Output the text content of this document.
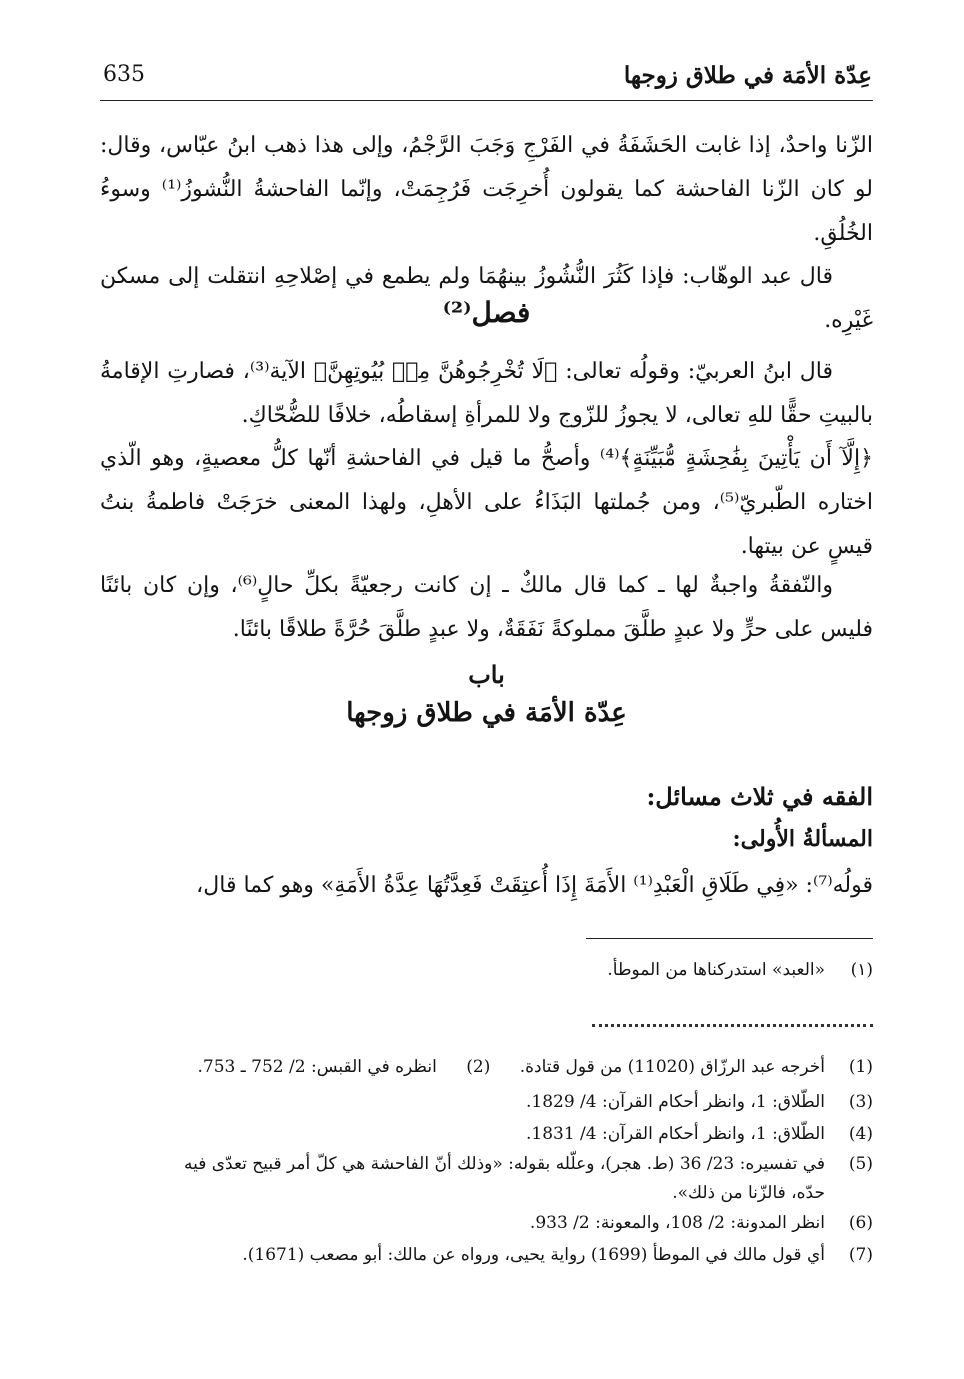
عِدّة الأمَة في طلاق زوجها
635
الزّنا واحدٌ، إذا غابت الحَشَفَةُ في الفَرْجِ وَجَبَ الرَّجْمُ، وإلى هذا ذهب ابنُ عبّاس، وقال: لو كان الزّنا الفاحشة كما يقولون أُخرِجَت فَرُجِمَتْ، وإنّما الفاحشةُ النُّشوزُ⁽¹⁾ وسوءُ الخُلُقِ.
قال عبد الوهّاب: فإذا كَثُرَ النُّشُوزُ بينهُمَا ولم يطمع في إصْلاحِهِ انتقلت إلى مسكن غَيْرِه.
فصل⁽²⁾
قال ابنُ العربيّ: وقولُه تعالى: ﴿لَا تُخْرِجُوهُنَّ مِنۢ بُيُوتِهِنَّ﴾ الآية⁽³⁾، فصارتِ الإقامةُ بالبيتِ حقًّا للهِ تعالى، لا يجوزُ للزّوج ولا للمرأةِ إسقاطُه، خلافًا للضُّحّاكِ.
﴿إِلَّآ أَن يَأْتِينَ بِفَٰحِشَةٍ مُّبَيِّنَةٍ﴾⁽⁴⁾ وأصحُّ ما قيل في الفاحشةِ أنّها كلُّ معصيةٍ، وهو الّذي اختاره الطّبريّ⁽⁵⁾، ومن جُملتها البَذَاءُ على الأهلِ، ولهذا المعنى خرَجَتْ فاطمةُ بنتُ قيسٍ عن بيتها.
والنّفقةُ واجبةٌ لها ـ كما قال مالكٌ ـ إن كانت رجعيّةً بكلِّ حالٍ⁽⁶⁾، وإن كان بائنًا فليس على حرٍّ ولا عبدٍ طلَّقَ مملوكةً نَفَقَةٌ، ولا عبدٍ طلَّقَ حُرَّةً طلاقًا بائنًا.
باب
عِدّة الأمَة في طلاق زوجها
الفقه في ثلاث مسائل:
المسألةُ الأُولى:
قولُه⁽⁷⁾: «فِي طَلَاقِ الْعَبْدِ⁽¹⁾ الأَمَةَ إِذَا أُعتِقَتْ فَعِدَّتُهَا عِدَّةُ الأَمَةِ» وهو كما قال،
(١)
«العبد» استدركناها من الموطأ.
(1)
أخرجه عبد الرزّاق (11020) من قول قتادة. (2) انظره في القبس: 2/ 752 ـ 753.
(3)
الطّلاق: 1، وانظر أحكام القرآن: 4/ 1829.
(4)
الطّلاق: 1، وانظر أحكام القرآن: 4/ 1831.
(5)
في تفسيره: 23/ 36 (ط. هجر)، وعلّله بقوله: «وذلك أنّ الفاحشة هي كلّ أمر قبيح تعدّى فيه
حدّه، فالزّنا من ذلك».
(6)
انظر المدونة: 2/ 108، والمعونة: 2/ 933.
(7)
أي قول مالك في الموطأ (1699) رواية يحيى، ورواه عن مالك: أبو مصعب (1671).
